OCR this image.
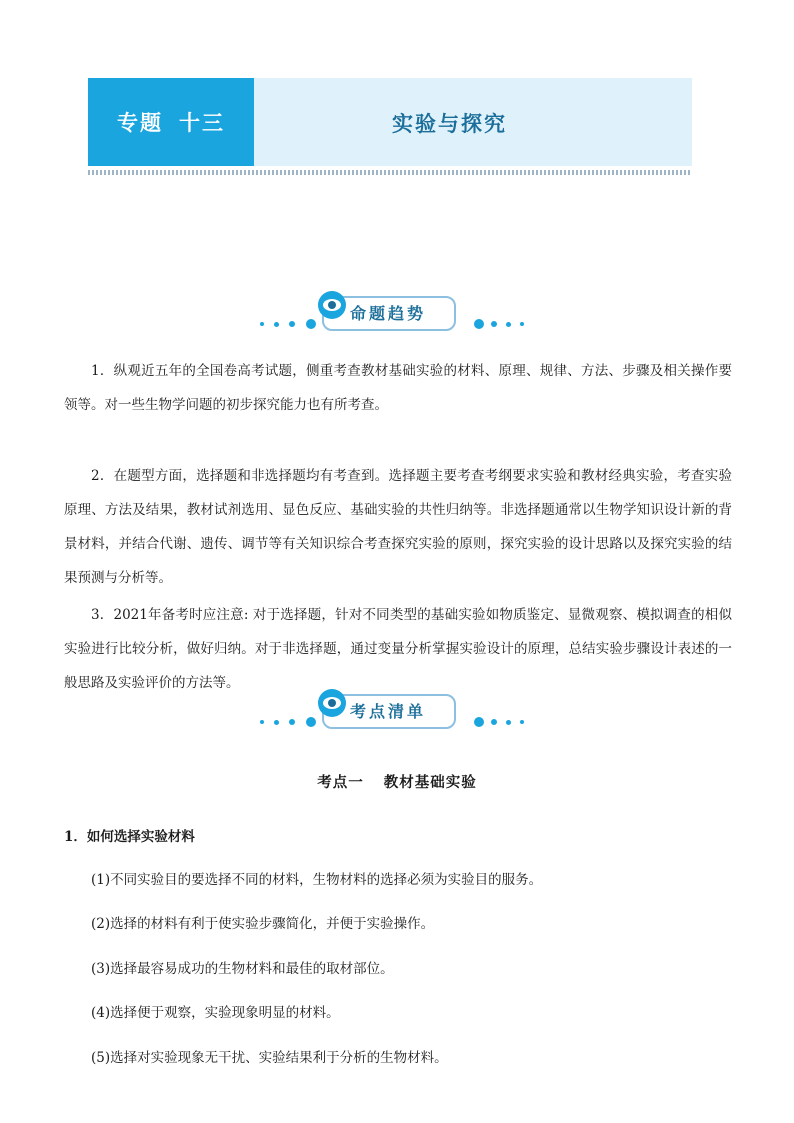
专题 十三	实验与探究
命题趋势

1．纵观近五年的全国卷高考试题，侧重考查教材基础实验的材料、原理、规律、方法、步骤及相关操作要领等。对一些生物学问题的初步探究能力也有所考查。

2．在题型方面，选择题和非选择题均有考查到。选择题主要考查考纲要求实验和教材经典实验，考查实验原理、方法及结果，教材试剂选用、显色反应、基础实验的共性归纳等。非选择题通常以生物学知识设计新的背景材料，并结合代谢、遗传、调节等有关知识综合考查探究实验的原则，探究实验的设计思路以及探究实验的结果预测与分析等。

3．2021年备考时应注意: 对于选择题，针对不同类型的基础实验如物质鉴定、显微观察、模拟调查的相似实验进行比较分析，做好归纳。对于非选择题，通过变量分析掌握实验设计的原理，总结实验步骤设计表述的一般思路及实验评价的方法等。

考点清单
考点一 教材基础实验
1．如何选择实验材料
(1)不同实验目的要选择不同的材料，生物材料的选择必须为实验目的服务。
(2)选择的材料有利于使实验步骤简化，并便于实验操作。
(3)选择最容易成功的生物材料和最佳的取材部位。
(4)选择便于观察，实验现象明显的材料。
(5)选择对实验现象无干扰、实验结果利于分析的生物材料。
